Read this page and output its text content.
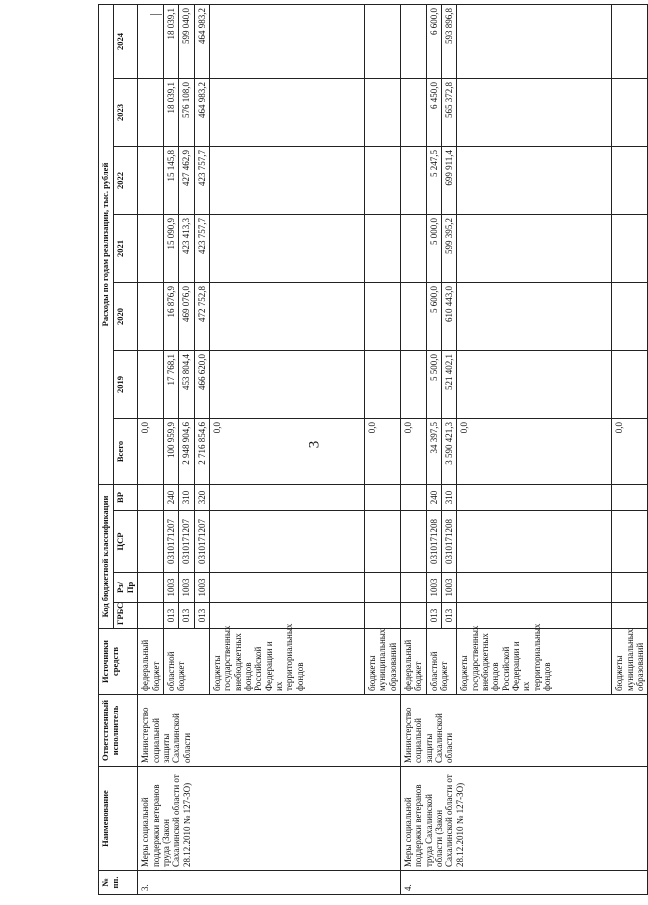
3
№ пп.	Наименование	Ответственный исполнитель	Источники средств	Код бюджетной классификации				Расходы по годам реализации, тыс. рублей						
				ГРБС	Рз/ Пр	ЦСР	ВР	Всего	2019	2020	2021	2022	2023	2024

3.	Меры социальной поддержки ветеранов труда (Закон Сахалинской области от 28.12.2010 № 127-ЗО)	Министерство социальной защиты Сахалинской области	федеральный бюджет					0,0						
			областной бюджет	013	1003	0310171207	240	100 959,9	17 768,1	16 876,9	15 090,9	15 145,8	18 039,1	18 039,1
				013	1003	0310171207	310	2 948 904,6	453 804,4	469 076,0	423 413,3	427 462,9	576 108,0	599 040,0
				013	1003	0310171207	320	2 716 854,6	466 620,0	472 752,8	423 757,7	423 757,7	464 983,2	464 983,2
			бюджеты государственных внебюджетных фондов Российской Федерации и их территориальных фондов					0,0						
			бюджеты муниципальных образований					0,0						
4.	Меры социальной поддержки ветеранов труда Сахалинской области (Закон Сахалинской области от 28.12.2010 № 127-ЗО)	Министерство социальной защиты Сахалинской области	федеральный бюджет					0,0						
			областной бюджет	013	1003	0310171208	240	34 397,5	5 500,0	5 600,0	5 000,0	5 247,5	6 450,0	6 600,0
				013	1003	0310171208	310	3 590 421,3	521 402,1	610 443,0	599 395,2	699 911,4	565 372,8	593 896,8
			бюджеты государственных внебюджетных фондов Российской Федерации и их территориальных фондов					0,0						
			бюджеты муниципальных образований					0,0						
